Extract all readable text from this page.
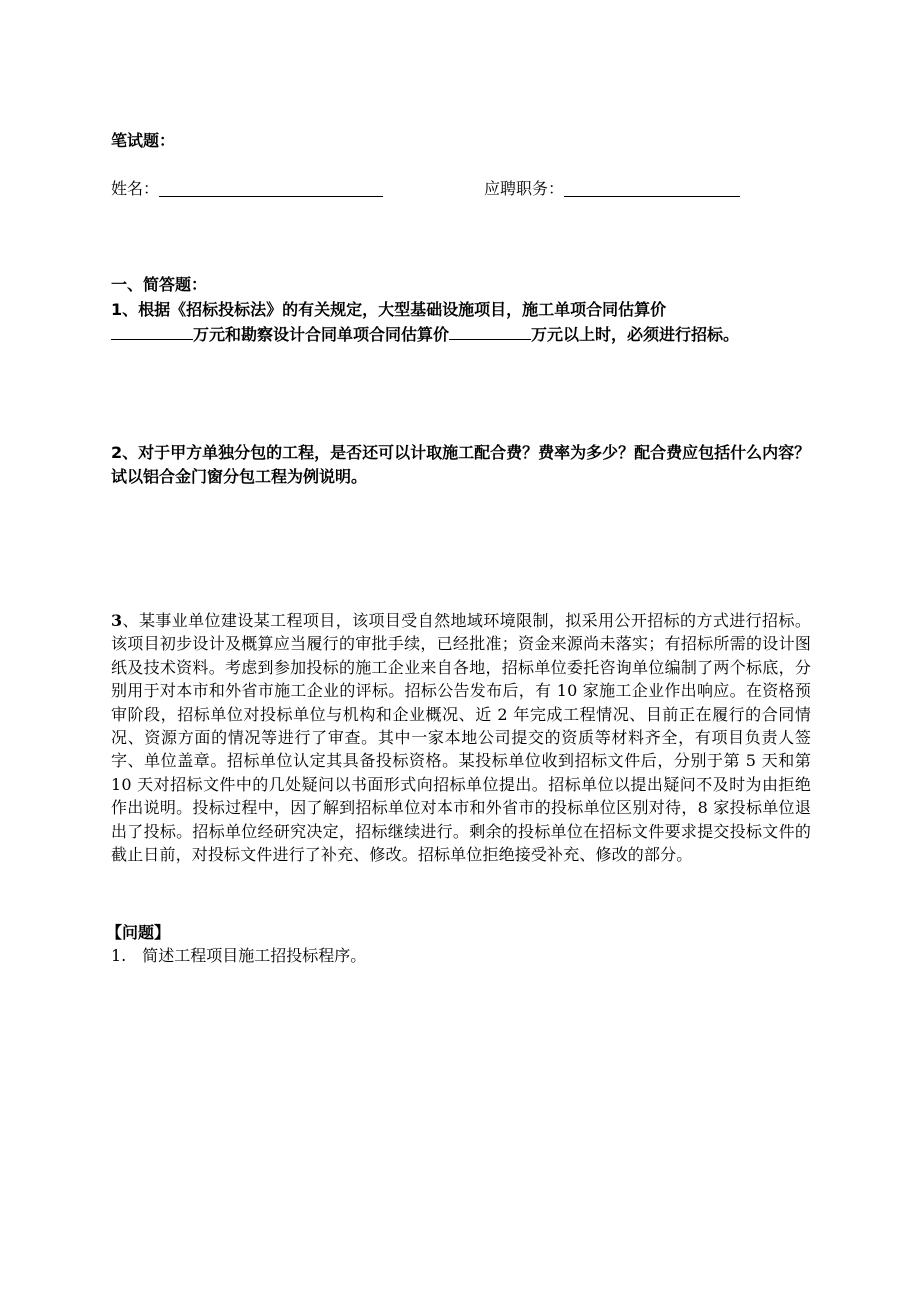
笔试题：
姓名：	应聘职务：
一、简答题：
1、根据《招标投标法》的有关规定，大型基础设施项目，施工单项合同估算价
万元和勘察设计合同单项合同估算价	万元以上时，必须进行招标。
2、对于甲方单独分包的工程，是否还可以计取施工配合费？费率为多少？配合费应包括什么内容？试以铝合金门窗分包工程为例说明。
3、某事业单位建设某工程项目，该项目受自然地域环境限制，拟采用公开招标的方式进行招标。该项目初步设计及概算应当履行的审批手续，已经批准；资金来源尚未落实；有招标所需的设计图纸及技术资料。考虑到参加投标的施工企业来自各地，招标单位委托咨询单位编制了两个标底，分别用于对本市和外省市施工企业的评标。招标公告发布后，有 10 家施工企业作出响应。在资格预审阶段，招标单位对投标单位与机构和企业概况、近 2 年完成工程情况、目前正在履行的合同情况、资源方面的情况等进行了审查。其中一家本地公司提交的资质等材料齐全，有项目负责人签字、单位盖章。招标单位认定其具备投标资格。某投标单位收到招标文件后，分别于第 5 天和第 10 天对招标文件中的几处疑问以书面形式向招标单位提出。招标单位以提出疑问不及时为由拒绝作出说明。投标过程中，因了解到招标单位对本市和外省市的投标单位区别对待，8 家投标单位退出了投标。招标单位经研究决定，招标继续进行。剩余的投标单位在招标文件要求提交投标文件的截止日前，对投标文件进行了补充、修改。招标单位拒绝接受补充、修改的部分。
【问题】
1.　简述工程项目施工招投标程序。
